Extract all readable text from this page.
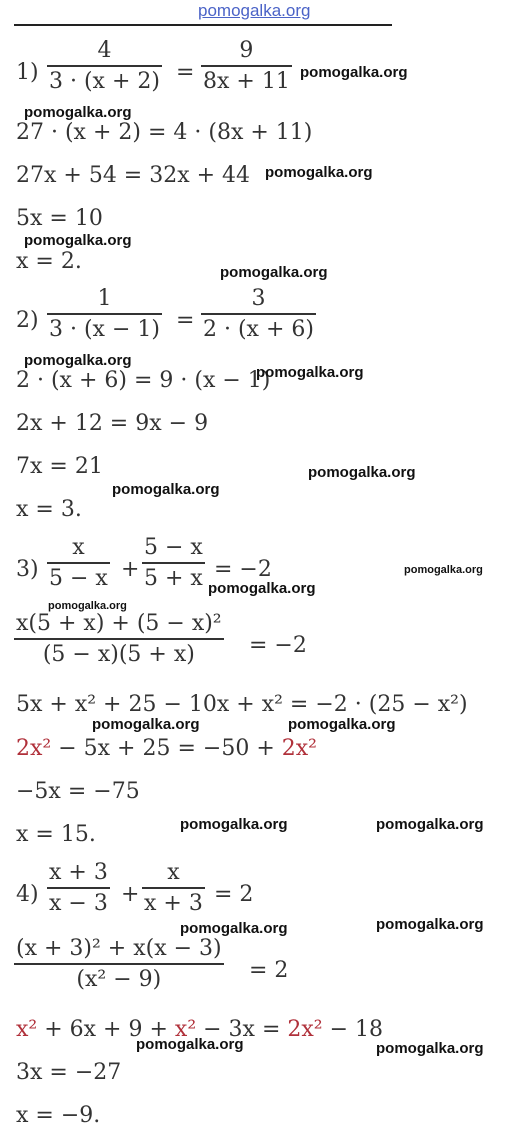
pomogalka.org
1)
4
3 · (x + 2) =
9
8x + 11
27 · (x + 2) = 4 · (8x + 11)
27x + 54 = 32x + 44
5x = 10
x = 2.
2)
1
3 · (x − 1) =
3
2 · (x + 6)
2 · (x + 6) = 9 · (x − 1)
2x + 12 = 9x − 9
7x = 21
x = 3.
3)
x
5 − x +
5 − x
5 + x = −2
x(5 + x) + (5 − x)²
(5 − x)(5 + x)	= −2
5x + x² + 25 − 10x + x² = −2 · (25 − x²)
2x² − 5x + 25 = −50 + 2x²
−5x = −75
x = 15.
4)
x + 3
x − 3 +
x
x + 3 = 2
(x + 3)² + x(x − 3)
(x² − 9)	= 2
x² + 6x + 9 + x² − 3x = 2x² − 18
3x = −27
x = −9.
pomogalka.org
pomogalka.org
pomogalka.org
pomogalka.org
pomogalka.org
pomogalka.org
pomogalka.org
pomogalka.org
pomogalka.org
pomogalka.org
pomogalka.org
pomogalka.org
pomogalka.org	pomogalka.org
pomogalka.org	pomogalka.org
pomogalka.org	pomogalka.org
pomogalka.org	pomogalka.org
